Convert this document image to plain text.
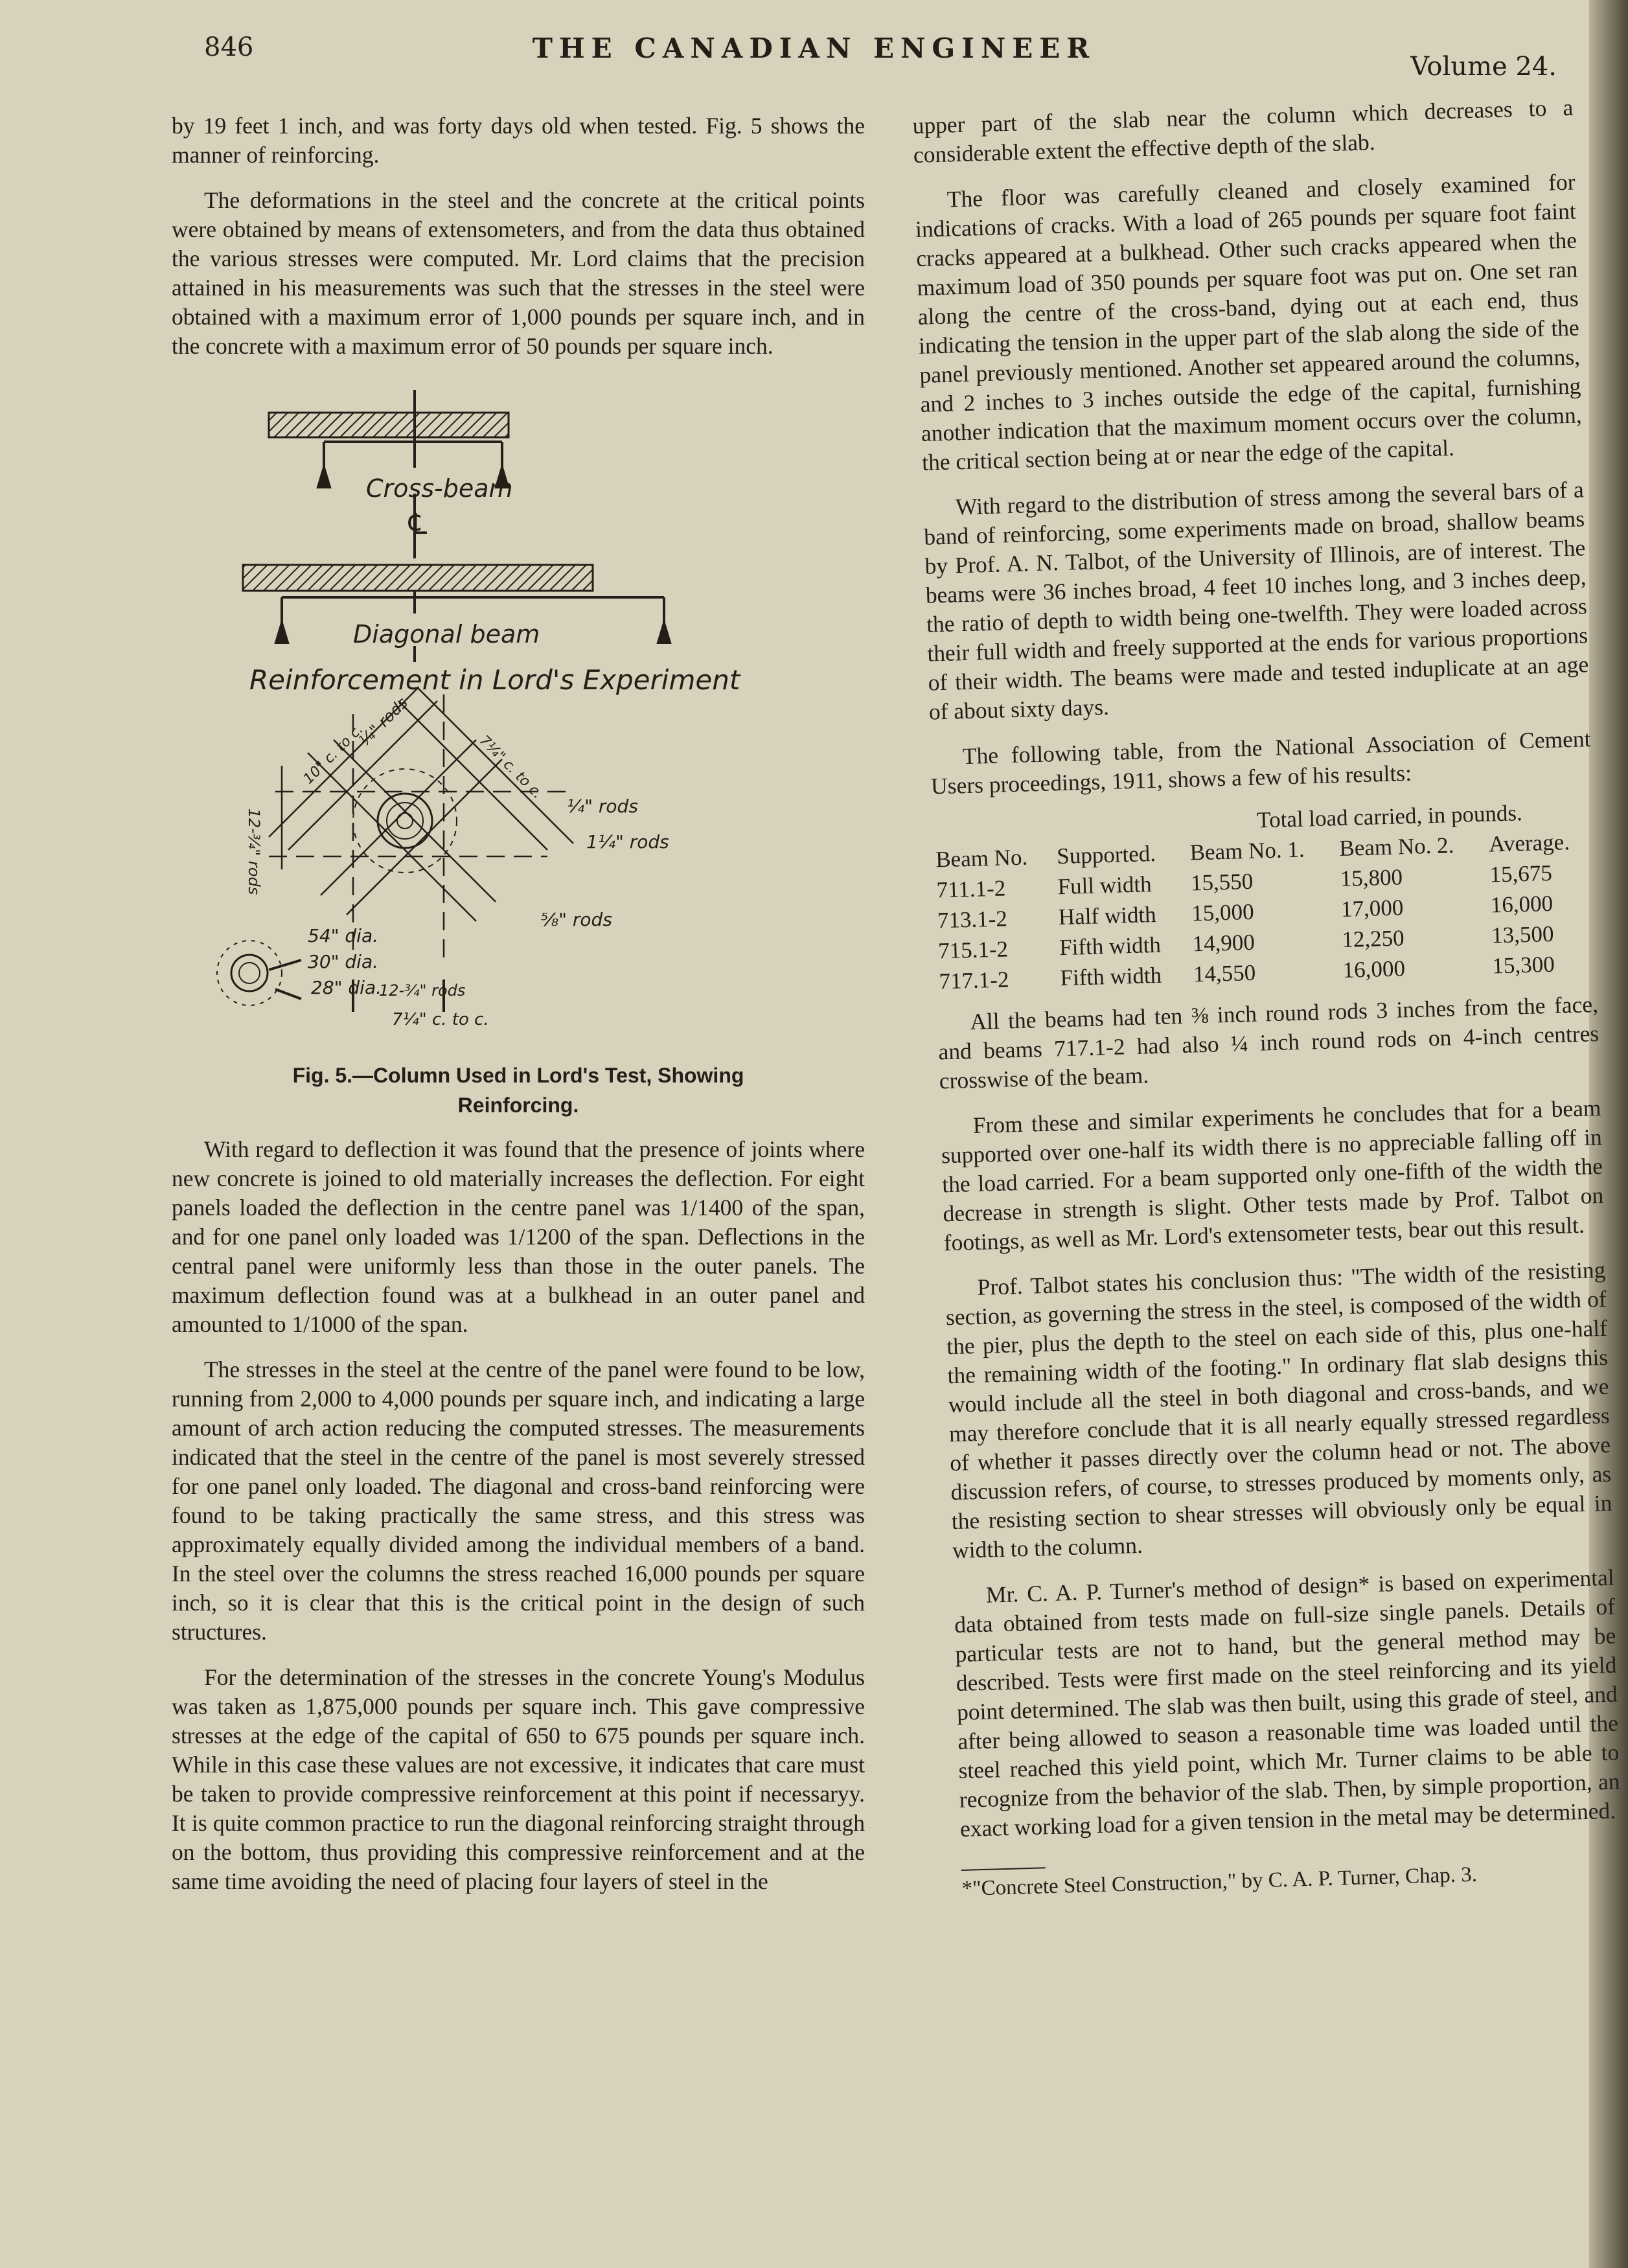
846	THE CANADIAN ENGINEER
Volume 24.

by 19 feet 1 inch, and was forty days old when tested. Fig. 5 shows the manner of reinforcing.

The deformations in the steel and the concrete at the critical points were obtained by means of extensometers, and from the data thus obtained the various stresses were computed. Mr. Lord claims that the precision attained in his measurements was such that the stresses in the steel were obtained with a maximum error of 1,000 pounds per square inch, and in the concrete with a maximum error of 50 pounds per square inch.

Cross-beam
℄
Diagonal beam
Reinforcement in Lord's Experiment
¼" rods
10" c. to c.	7¼" c. to c.
12-¾" rods
¼" rods
1¼" rods
⅝" rods
54" dia.
30" dia.
28" dia.
12-¾" rods
7¼" c. to c.
Fig. 5.—Column Used in Lord's Test, Showing
Reinforcing.

With regard to deflection it was found that the presence of joints where new concrete is joined to old materially increases the deflection. For eight panels loaded the deflection in the centre panel was 1/1400 of the span, and for one panel only loaded was 1/1200 of the span. Deflections in the central panel were uniformly less than those in the outer panels. The maximum deflection found was at a bulkhead in an outer panel and amounted to 1/1000 of the span.

The stresses in the steel at the centre of the panel were found to be low, running from 2,000 to 4,000 pounds per square inch, and indicating a large amount of arch action reducing the computed stresses. The measurements indicated that the steel in the centre of the panel is most severely stressed for one panel only loaded. The diagonal and cross-band reinforcing were found to be taking practically the same stress, and this stress was approximately equally divided among the individual members of a band. In the steel over the columns the stress reached 16,000 pounds per square inch, so it is clear that this is the critical point in the design of such structures.

For the determination of the stresses in the concrete Young's Modulus was taken as 1,875,000 pounds per square inch. This gave compressive stresses at the edge of the capital of 650 to 675 pounds per square inch. While in this case these values are not excessive, it indicates that care must be taken to provide compressive reinforcement at this point if necessaryy. It is quite common practice to run the diagonal reinforcing straight through on the bottom, thus providing this compressive reinforcement and at the same time avoiding the need of placing four layers of steel in the

upper part of the slab near the column which decreases to a considerable extent the effective depth of the slab.

The floor was carefully cleaned and closely examined for indications of cracks. With a load of 265 pounds per square foot faint cracks appeared at a bulkhead. Other such cracks appeared when the maximum load of 350 pounds per square foot was put on. One set ran along the centre of the cross-band, dying out at each end, thus indicating the tension in the upper part of the slab along the side of the panel previously mentioned. Another set appeared around the columns, and 2 inches to 3 inches outside the edge of the capital, furnishing another indication that the maximum moment occurs over the column, the critical section being at or near the edge of the capital.

With regard to the distribution of stress among the several bars of a band of reinforcing, some experiments made on broad, shallow beams by Prof. A. N. Talbot, of the University of Illinois, are of interest. The beams were 36 inches broad, 4 feet 10 inches long, and 3 inches deep, the ratio of depth to width being one-twelfth. They were loaded across their full width and freely supported at the ends for various proportions of their width. The beams were made and tested induplicate at an age of about sixty days.

The following table, from the National Association of Cement Users proceedings, 1911, shows a few of his results:

		Total load carried, in pounds.		
Beam No.	Supported.	Beam No. 1.	Beam No. 2.	Average.
711.1-2	Full width	15,550	15,800	15,675
713.1-2	Half width	15,000	17,000	16,000
715.1-2	Fifth width	14,900	12,250	13,500
717.1-2	Fifth width	14,550	16,000	15,300

All the beams had ten ⅜ inch round rods 3 inches from the face, and beams 717.1-2 had also ¼ inch round rods on 4-inch centres crosswise of the beam.

From these and similar experiments he concludes that for a beam supported over one-half its width there is no appreciable falling off in the load carried. For a beam supported only one-fifth of the width the decrease in strength is slight. Other tests made by Prof. Talbot on footings, as well as Mr. Lord's extensometer tests, bear out this result.

Prof. Talbot states his conclusion thus: "The width of the resisting section, as governing the stress in the steel, is composed of the width of the pier, plus the depth to the steel on each side of this, plus one-half the remaining width of the footing." In ordinary flat slab designs this would include all the steel in both diagonal and cross-bands, and we may therefore conclude that it is all nearly equally stressed regardless of whether it passes directly over the column head or not. The above discussion refers, of course, to stresses produced by moments only, as the resisting section to shear stresses will obviously only be equal in width to the column.

Mr. C. A. P. Turner's method of design* is based on experimental data obtained from tests made on full-size single panels. Details of particular tests are not to hand, but the general method may be described. Tests were first made on the steel reinforcing and its yield point determined. The slab was then built, using this grade of steel, and after being allowed to season a reasonable time was loaded until the steel reached this yield point, which Mr. Turner claims to be able to recognize from the behavior of the slab. Then, by simple proportion, an exact working load for a given tension in the metal may be determined.

*"Concrete Steel Construction," by C. A. P. Turner, Chap. 3.
